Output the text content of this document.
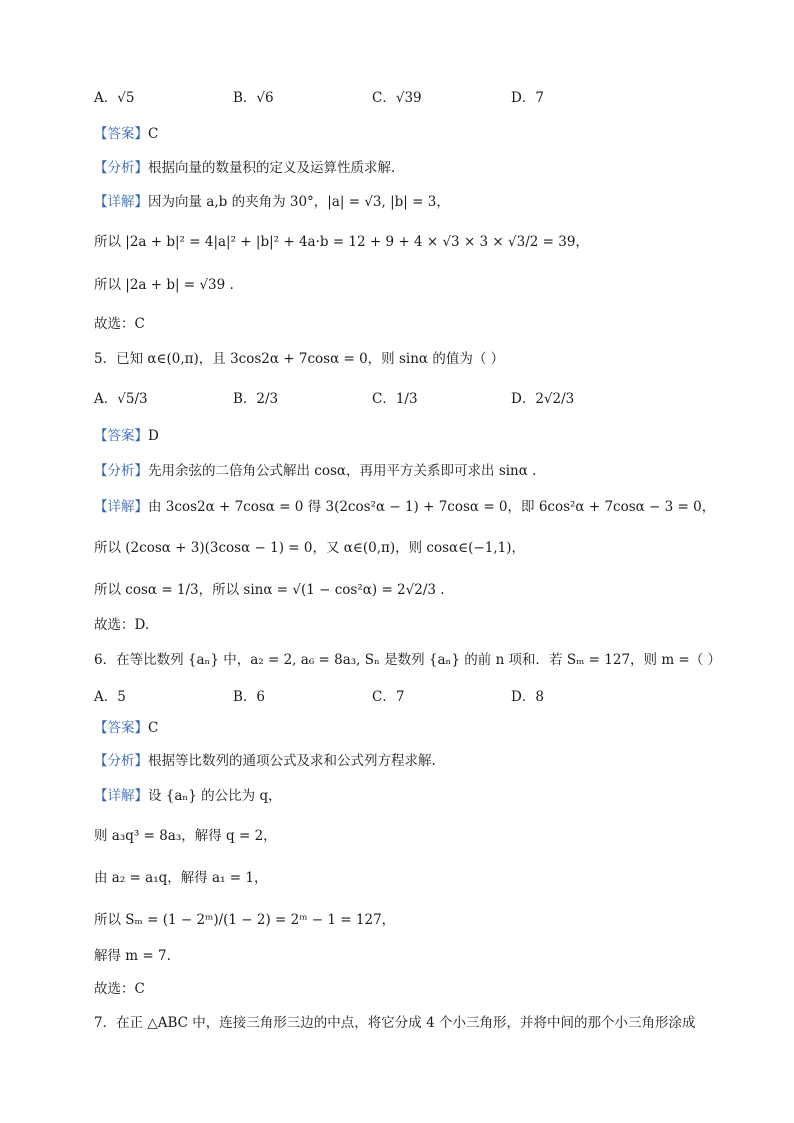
A．√5	B．√6	C．√39	D．7
【答案】C
【分析】根据向量的数量积的定义及运算性质求解.
【详解】因为向量 a,b 的夹角为 30°，|a| = √3, |b| = 3，
所以 |2a + b|² = 4|a|² + |b|² + 4a·b = 12 + 9 + 4 × √3 × 3 × √3/2 = 39，
所以 |2a + b| = √39 .
故选：C
5．已知 α∈(0,π)，且 3cos2α + 7cosα = 0，则 sinα 的值为（ ）
A．√5/3	B．2/3	C．1/3	D．2√2/3
【答案】D
【分析】先用余弦的二倍角公式解出 cosα，再用平方关系即可求出 sinα .
【详解】由 3cos2α + 7cosα = 0 得 3(2cos²α − 1) + 7cosα = 0，即 6cos²α + 7cosα − 3 = 0，
所以 (2cosα + 3)(3cosα − 1) = 0，又 α∈(0,π)，则 cosα∈(−1,1)，
所以 cosα = 1/3，所以 sinα = √(1 − cos²α) = 2√2/3 .
故选：D.
6．在等比数列 {aₙ} 中，a₂ = 2, a₆ = 8a₃, Sₙ 是数列 {aₙ} 的前 n 项和．若 Sₘ = 127，则 m =（ ）
A．5	B．6	C．7	D．8
【答案】C
【分析】根据等比数列的通项公式及求和公式列方程求解.
【详解】设 {aₙ} 的公比为 q，
则 a₃q³ = 8a₃，解得 q = 2，
由 a₂ = a₁q，解得 a₁ = 1，
所以 Sₘ = (1 − 2ᵐ)/(1 − 2) = 2ᵐ − 1 = 127，
解得 m = 7.
故选：C
7．在正 △ABC 中，连接三角形三边的中点，将它分成 4 个小三角形，并将中间的那个小三角形涂成
